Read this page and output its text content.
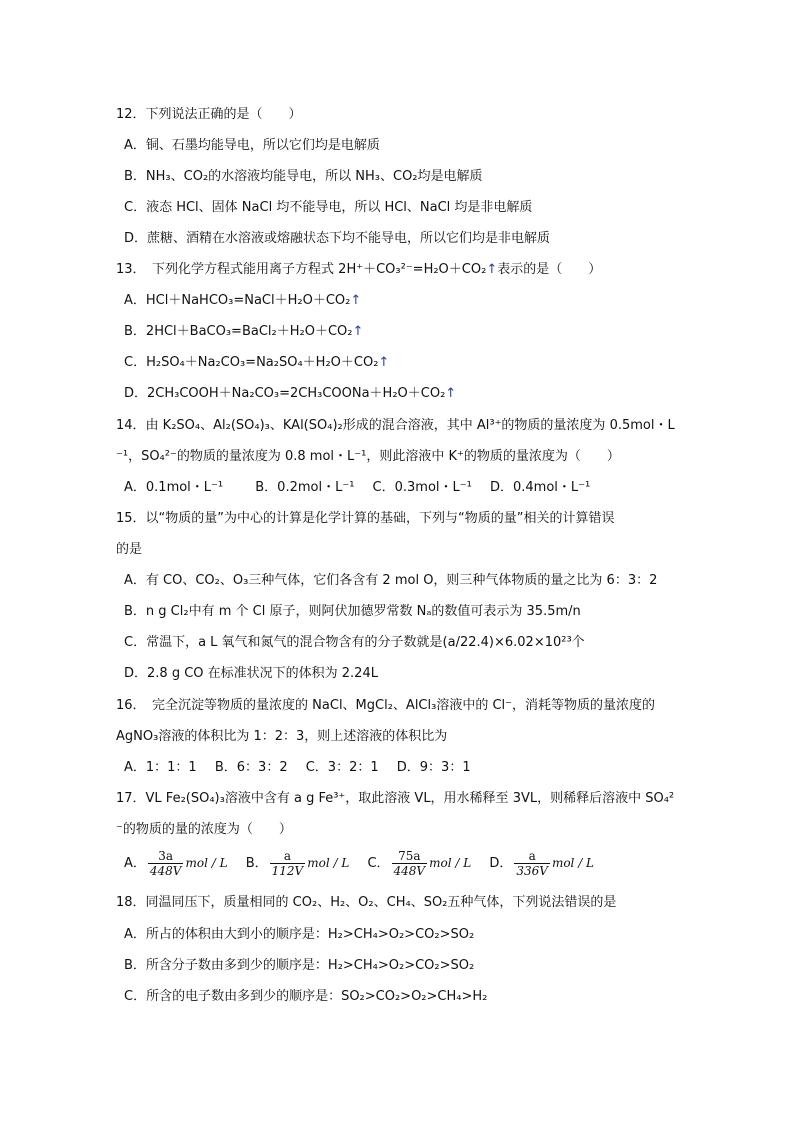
12．下列说法正确的是（　　）
A．铜、石墨均能导电，所以它们均是电解质
B．NH₃、CO₂的水溶液均能导电，所以 NH₃、CO₂均是电解质
C．液态 HCl、固体 NaCl 均不能导电，所以 HCl、NaCl 均是非电解质
D．蔗糖、酒精在水溶液或熔融状态下均不能导电，所以它们均是非电解质
13．　下列化学方程式能用离子方程式 2H⁺＋CO₃²⁻=H₂O＋CO₂↑表示的是（　　）
A．HCl＋NaHCO₃=NaCl＋H₂O＋CO₂↑
B．2HCl＋BaCO₃=BaCl₂＋H₂O＋CO₂↑
C．H₂SO₄＋Na₂CO₃=Na₂SO₄＋H₂O＋CO₂↑
D．2CH₃COOH＋Na₂CO₃=2CH₃COONa＋H₂O＋CO₂↑
14．由 K₂SO₄、Al₂(SO₄)₃、KAl(SO₄)₂形成的混合溶液，其中 Al³⁺的物质的量浓度为 0.5mol・L
⁻¹，SO₄²⁻的物质的量浓度为 0.8 mol・L⁻¹，则此溶液中 K⁺的物质的量浓度为（　　）
A．0.1mol・L⁻¹ B．0.2mol・L⁻¹ C．0.3mol・L⁻¹ D．0.4mol・L⁻¹
15．以“物质的量”为中心的计算是化学计算的基础，下列与“物质的量”相关的计算错误
的是
A．有 CO、CO₂、O₃三种气体，它们各含有 2 mol O，则三种气体物质的量之比为 6：3：2
B．n g Cl₂中有 m 个 Cl 原子，则阿伏加德罗常数 Nₐ的数值可表示为 35.5m/n
C．常温下，a L 氧气和氮气的混合物含有的分子数就是(a/22.4)×6.02×10²³个
D．2.8 g CO 在标准状况下的体积为 2.24L
16．　完全沉淀等物质的量浓度的 NaCl、MgCl₂、AlCl₃溶液中的 Cl⁻，消耗等物质的量浓度的
AgNO₃溶液的体积比为 1：2：3，则上述溶液的体积比为
A．1：1：1 B．6：3：2 C．3：2：1 D．9：3：1
17．VL Fe₂(SO₄)₃溶液中含有 a g Fe³⁺，取此溶液 VL，用水稀释至 3VL，则稀释后溶液中 SO₄²
⁻的物质的量的浓度为（　　）
A． $\frac{3a}{448V}$ mol / L B． $\frac{a}{112V}$ mol / L C． $\frac{75a}{448V}$ mol / L D． $\frac{a}{336V}$ mol / L
18．同温同压下，质量相同的 CO₂、H₂、O₂、CH₄、SO₂五种气体，下列说法错误的是
A．所占的体积由大到小的顺序是：H₂>CH₄>O₂>CO₂>SO₂
B．所含分子数由多到少的顺序是：H₂>CH₄>O₂>CO₂>SO₂
C．所含的电子数由多到少的顺序是：SO₂>CO₂>O₂>CH₄>H₂
